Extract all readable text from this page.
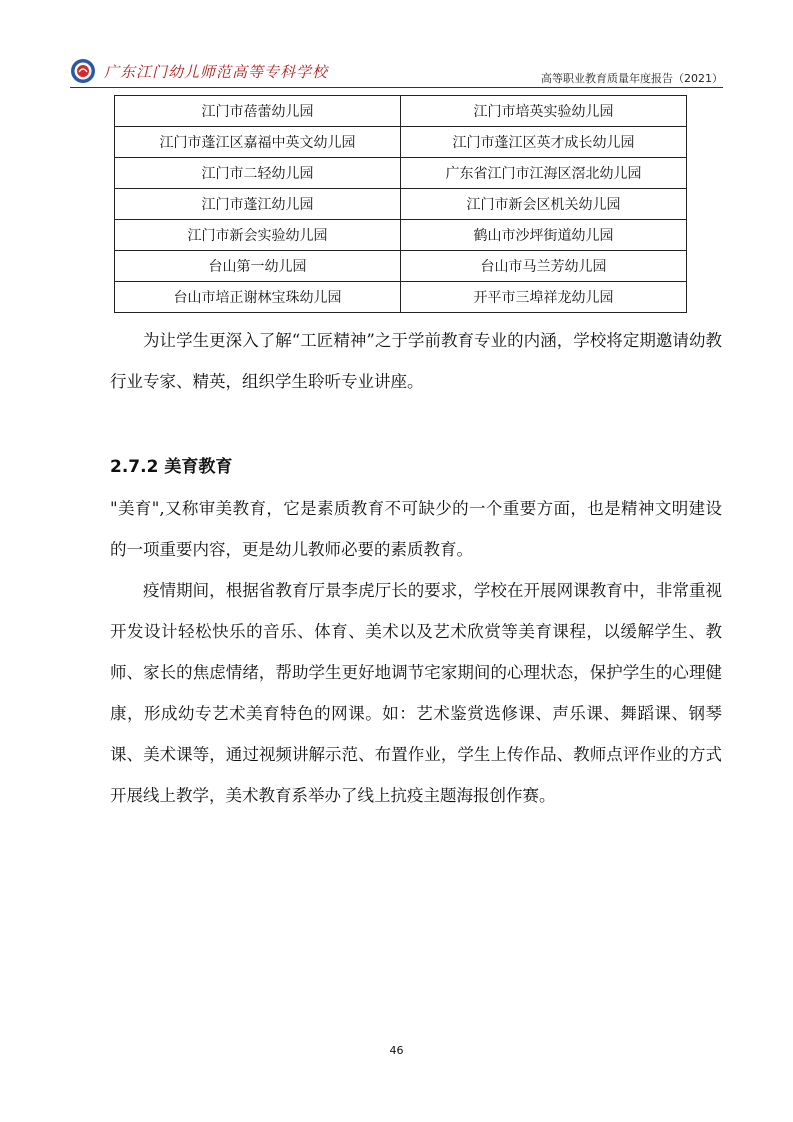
广东江门幼儿师范高等专科学校	高等职业教育质量年度报告（2021）
江门市蓓蕾幼儿园	江门市培英实验幼儿园
江门市蓬江区嘉福中英文幼儿园	江门市蓬江区英才成长幼儿园
江门市二轻幼儿园	广东省江门市江海区滘北幼儿园
江门市蓬江幼儿园	江门市新会区机关幼儿园
江门市新会实验幼儿园	鹤山市沙坪街道幼儿园
台山第一幼儿园	台山市马兰芳幼儿园
台山市培正谢林宝珠幼儿园	开平市三埠祥龙幼儿园

为让学生更深入了解“工匠精神”之于学前教育专业的内涵，学校将定期邀请幼教行业专家、精英，组织学生聆听专业讲座。

2.7.2 美育教育

"美育",又称审美教育，它是素质教育不可缺少的一个重要方面，也是精神文明建设的一项重要内容，更是幼儿教师必要的素质教育。

疫情期间，根据省教育厅景李虎厅长的要求，学校在开展网课教育中，非常重视开发设计轻松快乐的音乐、体育、美术以及艺术欣赏等美育课程，以缓解学生、教师、家长的焦虑情绪，帮助学生更好地调节宅家期间的心理状态，保护学生的心理健康，形成幼专艺术美育特色的网课。如：艺术鉴赏选修课、声乐课、舞蹈课、钢琴课、美术课等，通过视频讲解示范、布置作业，学生上传作品、教师点评作业的方式开展线上教学，美术教育系举办了线上抗疫主题海报创作赛。

46
